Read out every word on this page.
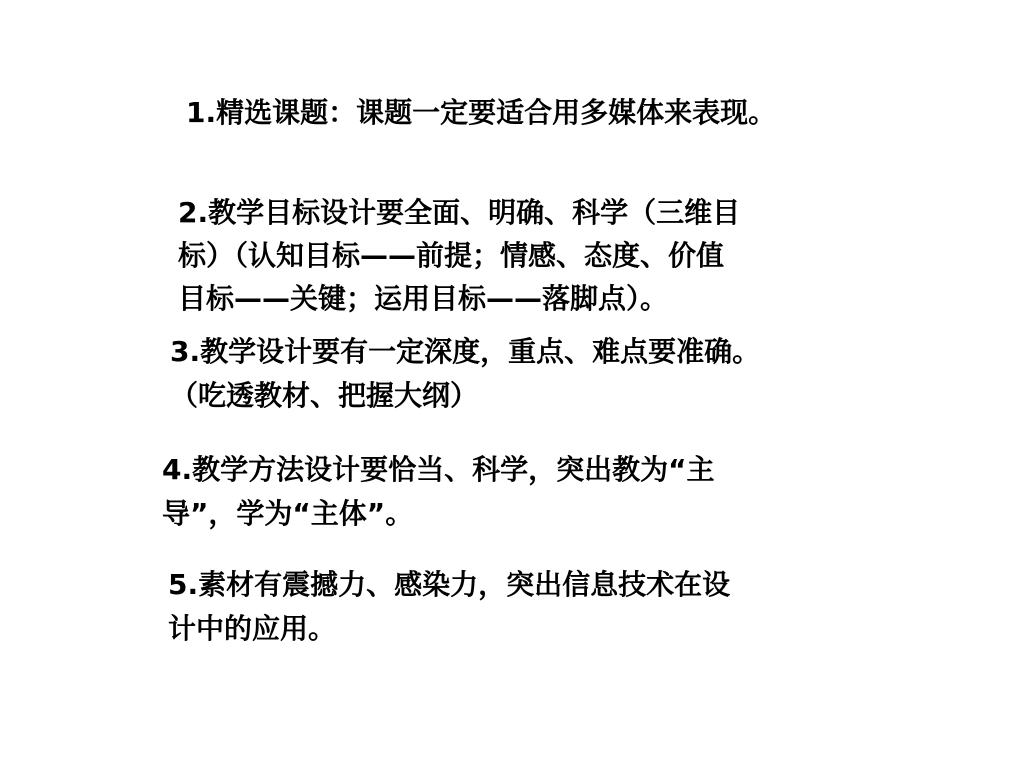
1.精选课题：课题一定要适合用多媒体来表现。

2.教学目标设计要全面、明确、科学（三维目
标）（认知目标——前提；情感、态度、价值
目标——关键；运用目标——落脚点）。

3.教学设计要有一定深度，重点、难点要准确。
（吃透教材、把握大纲）

4.教学方法设计要恰当、科学，突出教为“主
导”，学为“主体”。

5.素材有震撼力、感染力，突出信息技术在设
计中的应用。
